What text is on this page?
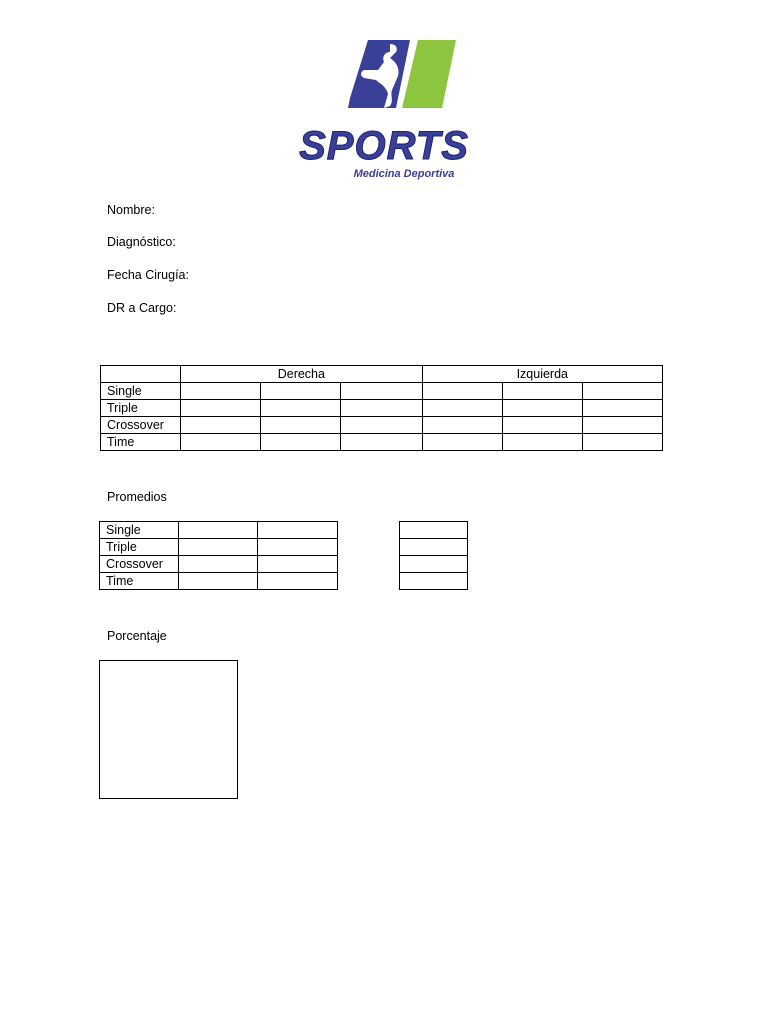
SPORTS
Medicina Deportiva
Nombre:
Diagnóstico:
Fecha Cirugía:
DR a Cargo:
	Derecha			Izquierda		
Single						
Triple						
Crossover						
Time						
Promedios
Single		
Triple		
Crossover		
Time		

Porcentaje
